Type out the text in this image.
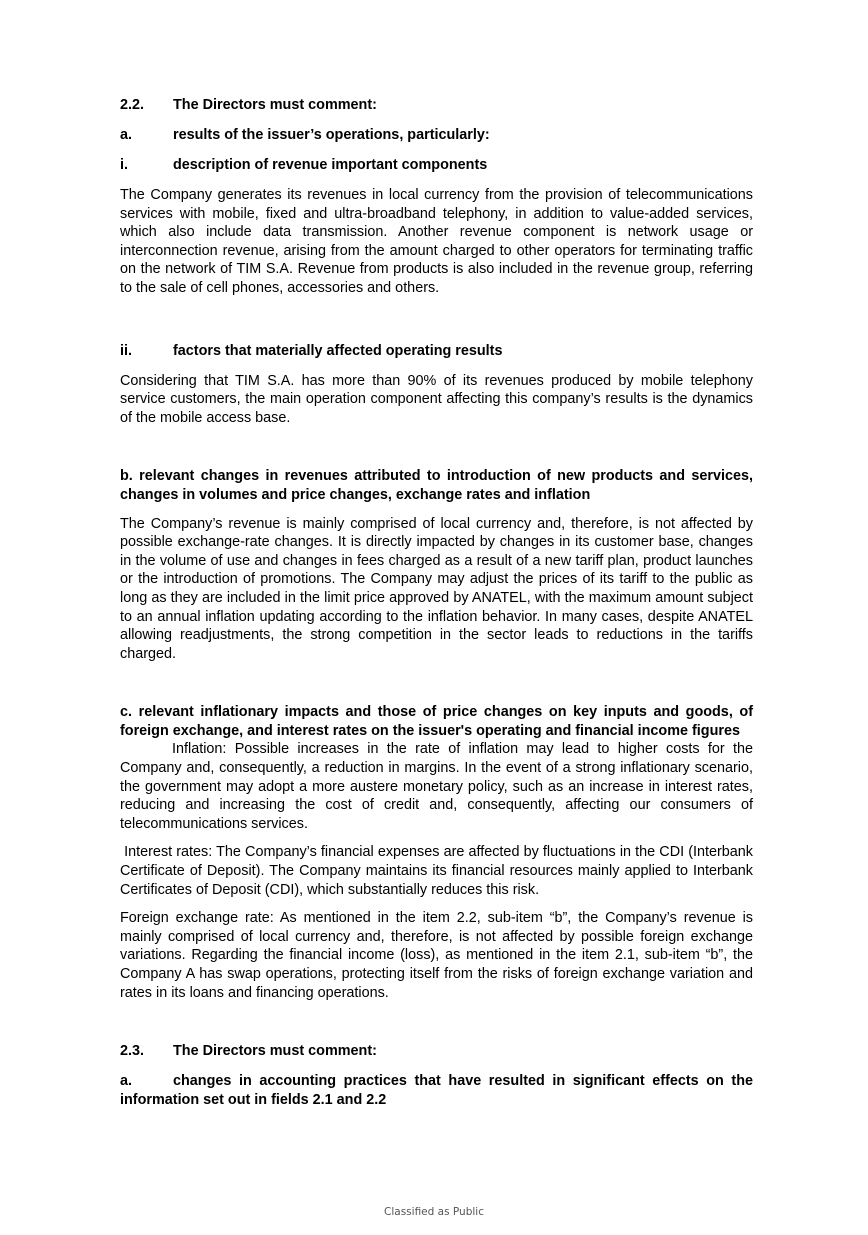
2.2.	The Directors must comment:
a.	results of the issuer’s operations, particularly:
i.	description of revenue important components

The Company generates its revenues in local currency from the provision of telecommunications services with mobile, fixed and ultra-broadband telephony, in addition to value-added services, which also include data transmission. Another revenue component is network usage or interconnection revenue, arising from the amount charged to other operators for terminating traffic on the network of TIM S.A. Revenue from products is also included in the revenue group, referring to the sale of cell phones, accessories and others.

ii.	factors that materially affected operating results

Considering that TIM S.A. has more than 90% of its revenues produced by mobile telephony service customers, the main operation component affecting this company’s results is the dynamics of the mobile access base.

b. relevant changes in revenues attributed to introduction of new products and services, changes in volumes and price changes, exchange rates and inflation

The Company’s revenue is mainly comprised of local currency and, therefore, is not affected by possible exchange-rate changes. It is directly impacted by changes in its customer base, changes in the volume of use and changes in fees charged as a result of a new tariff plan, product launches or the introduction of promotions. The Company may adjust the prices of its tariff to the public as long as they are included in the limit price approved by ANATEL, with the maximum amount subject to an annual inflation updating according to the inflation behavior. In many cases, despite ANATEL allowing readjustments, the strong competition in the sector leads to reductions in the tariffs charged.

c. relevant inflationary impacts and those of price changes on key inputs and goods, of foreign exchange, and interest rates on the issuer's operating and financial income figures

Inflation: Possible increases in the rate of inflation may lead to higher costs for the Company and, consequently, a reduction in margins. In the event of a strong inflationary scenario, the government may adopt a more austere monetary policy, such as an increase in interest rates, reducing and increasing the cost of credit and, consequently, affecting our consumers of telecommunications services.

Interest rates: The Company’s financial expenses are affected by fluctuations in the CDI (Interbank Certificate of Deposit). The Company maintains its financial resources mainly applied to Interbank Certificates of Deposit (CDI), which substantially reduces this risk.

Foreign exchange rate: As mentioned in the item 2.2, sub-item “b”, the Company’s revenue is mainly comprised of local currency and, therefore, is not affected by possible foreign exchange variations. Regarding the financial income (loss), as mentioned in the item 2.1, sub-item “b”, the Company A has swap operations, protecting itself from the risks of foreign exchange variation and rates in its loans and financing operations.

2.3.	The Directors must comment:
a.	changes in accounting practices that have resulted in significant effects on the information set out in fields 2.1 and 2.2
Classified as Public
